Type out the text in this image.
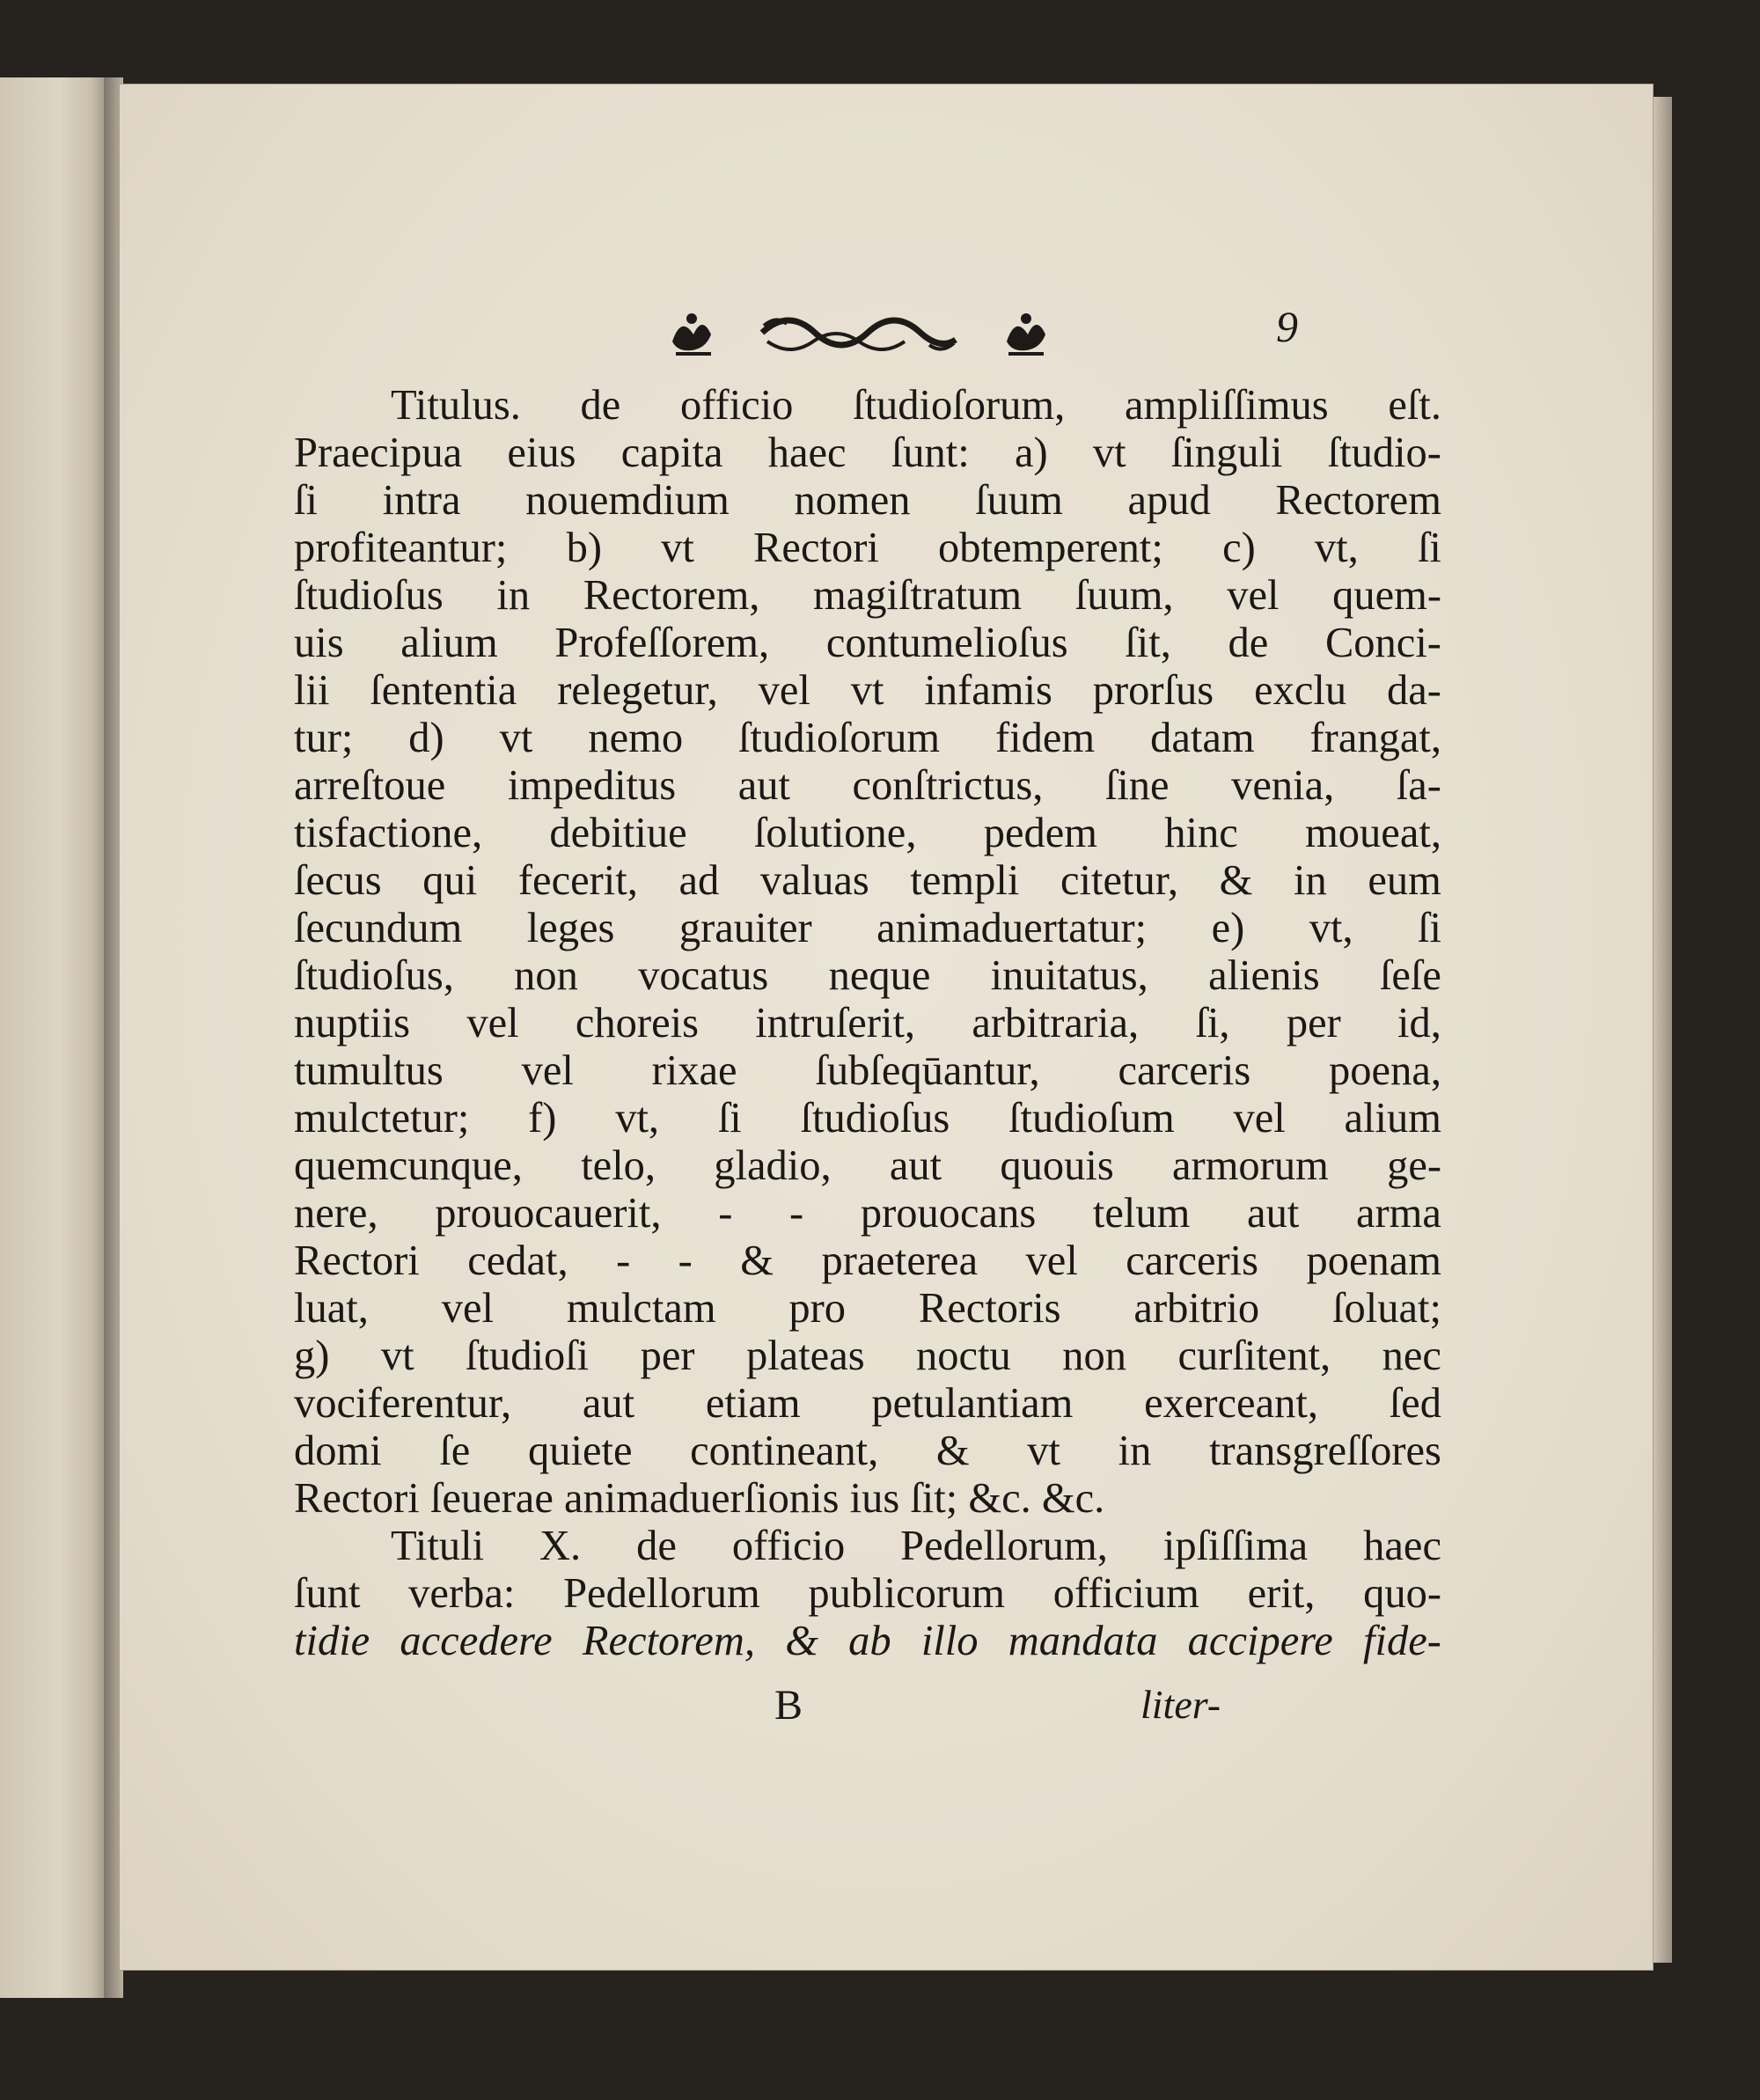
9
Titulus. de officio ſtudioſorum, ampliſſimus eſt.
Praecipua eius capita haec ſunt: a) vt ſinguli ſtudio-
ſi intra nouemdium nomen ſuum apud Rectorem
profiteantur; b) vt Rectori obtemperent; c) vt, ſi
ſtudioſus in Rectorem, magiſtratum ſuum, vel quem-
uis alium Profeſſorem, contumelioſus ſit, de Conci-
lii ſententia relegetur, vel vt infamis prorſus exclu da-
tur; d) vt nemo ſtudioſorum fidem datam frangat,
arreſtoue impeditus aut conſtrictus, ſine venia, ſa-
tisfactione, debitiue ſolutione, pedem hinc moueat,
ſecus qui fecerit, ad valuas templi citetur, & in eum
ſecundum leges grauiter animaduertatur; e) vt, ſi
ſtudioſus, non vocatus neque inuitatus, alienis ſeſe
nuptiis vel choreis intruſerit, arbitraria, ſi, per id,
tumultus vel rixae ſubſeqūantur, carceris poena,
mulctetur; f) vt, ſi ſtudioſus ſtudioſum vel alium
quemcunque, telo, gladio, aut quouis armorum ge-
nere, prouocauerit, - - prouocans telum aut arma
Rectori cedat, - - & praeterea vel carceris poenam
luat, vel mulctam pro Rectoris arbitrio ſoluat;
g) vt ſtudioſi per plateas noctu non curſitent, nec
vociferentur, aut etiam petulantiam exerceant, ſed
domi ſe quiete contineant, & vt in transgreſſores
Rectori ſeuerae animaduerſionis ius ſit; &c. &c.
Tituli X. de officio Pedellorum, ipſiſſima haec
ſunt verba: Pedellorum publicorum officium erit, quo-
tidie accedere Rectorem, & ab illo mandata accipere fide-
B	liter-
